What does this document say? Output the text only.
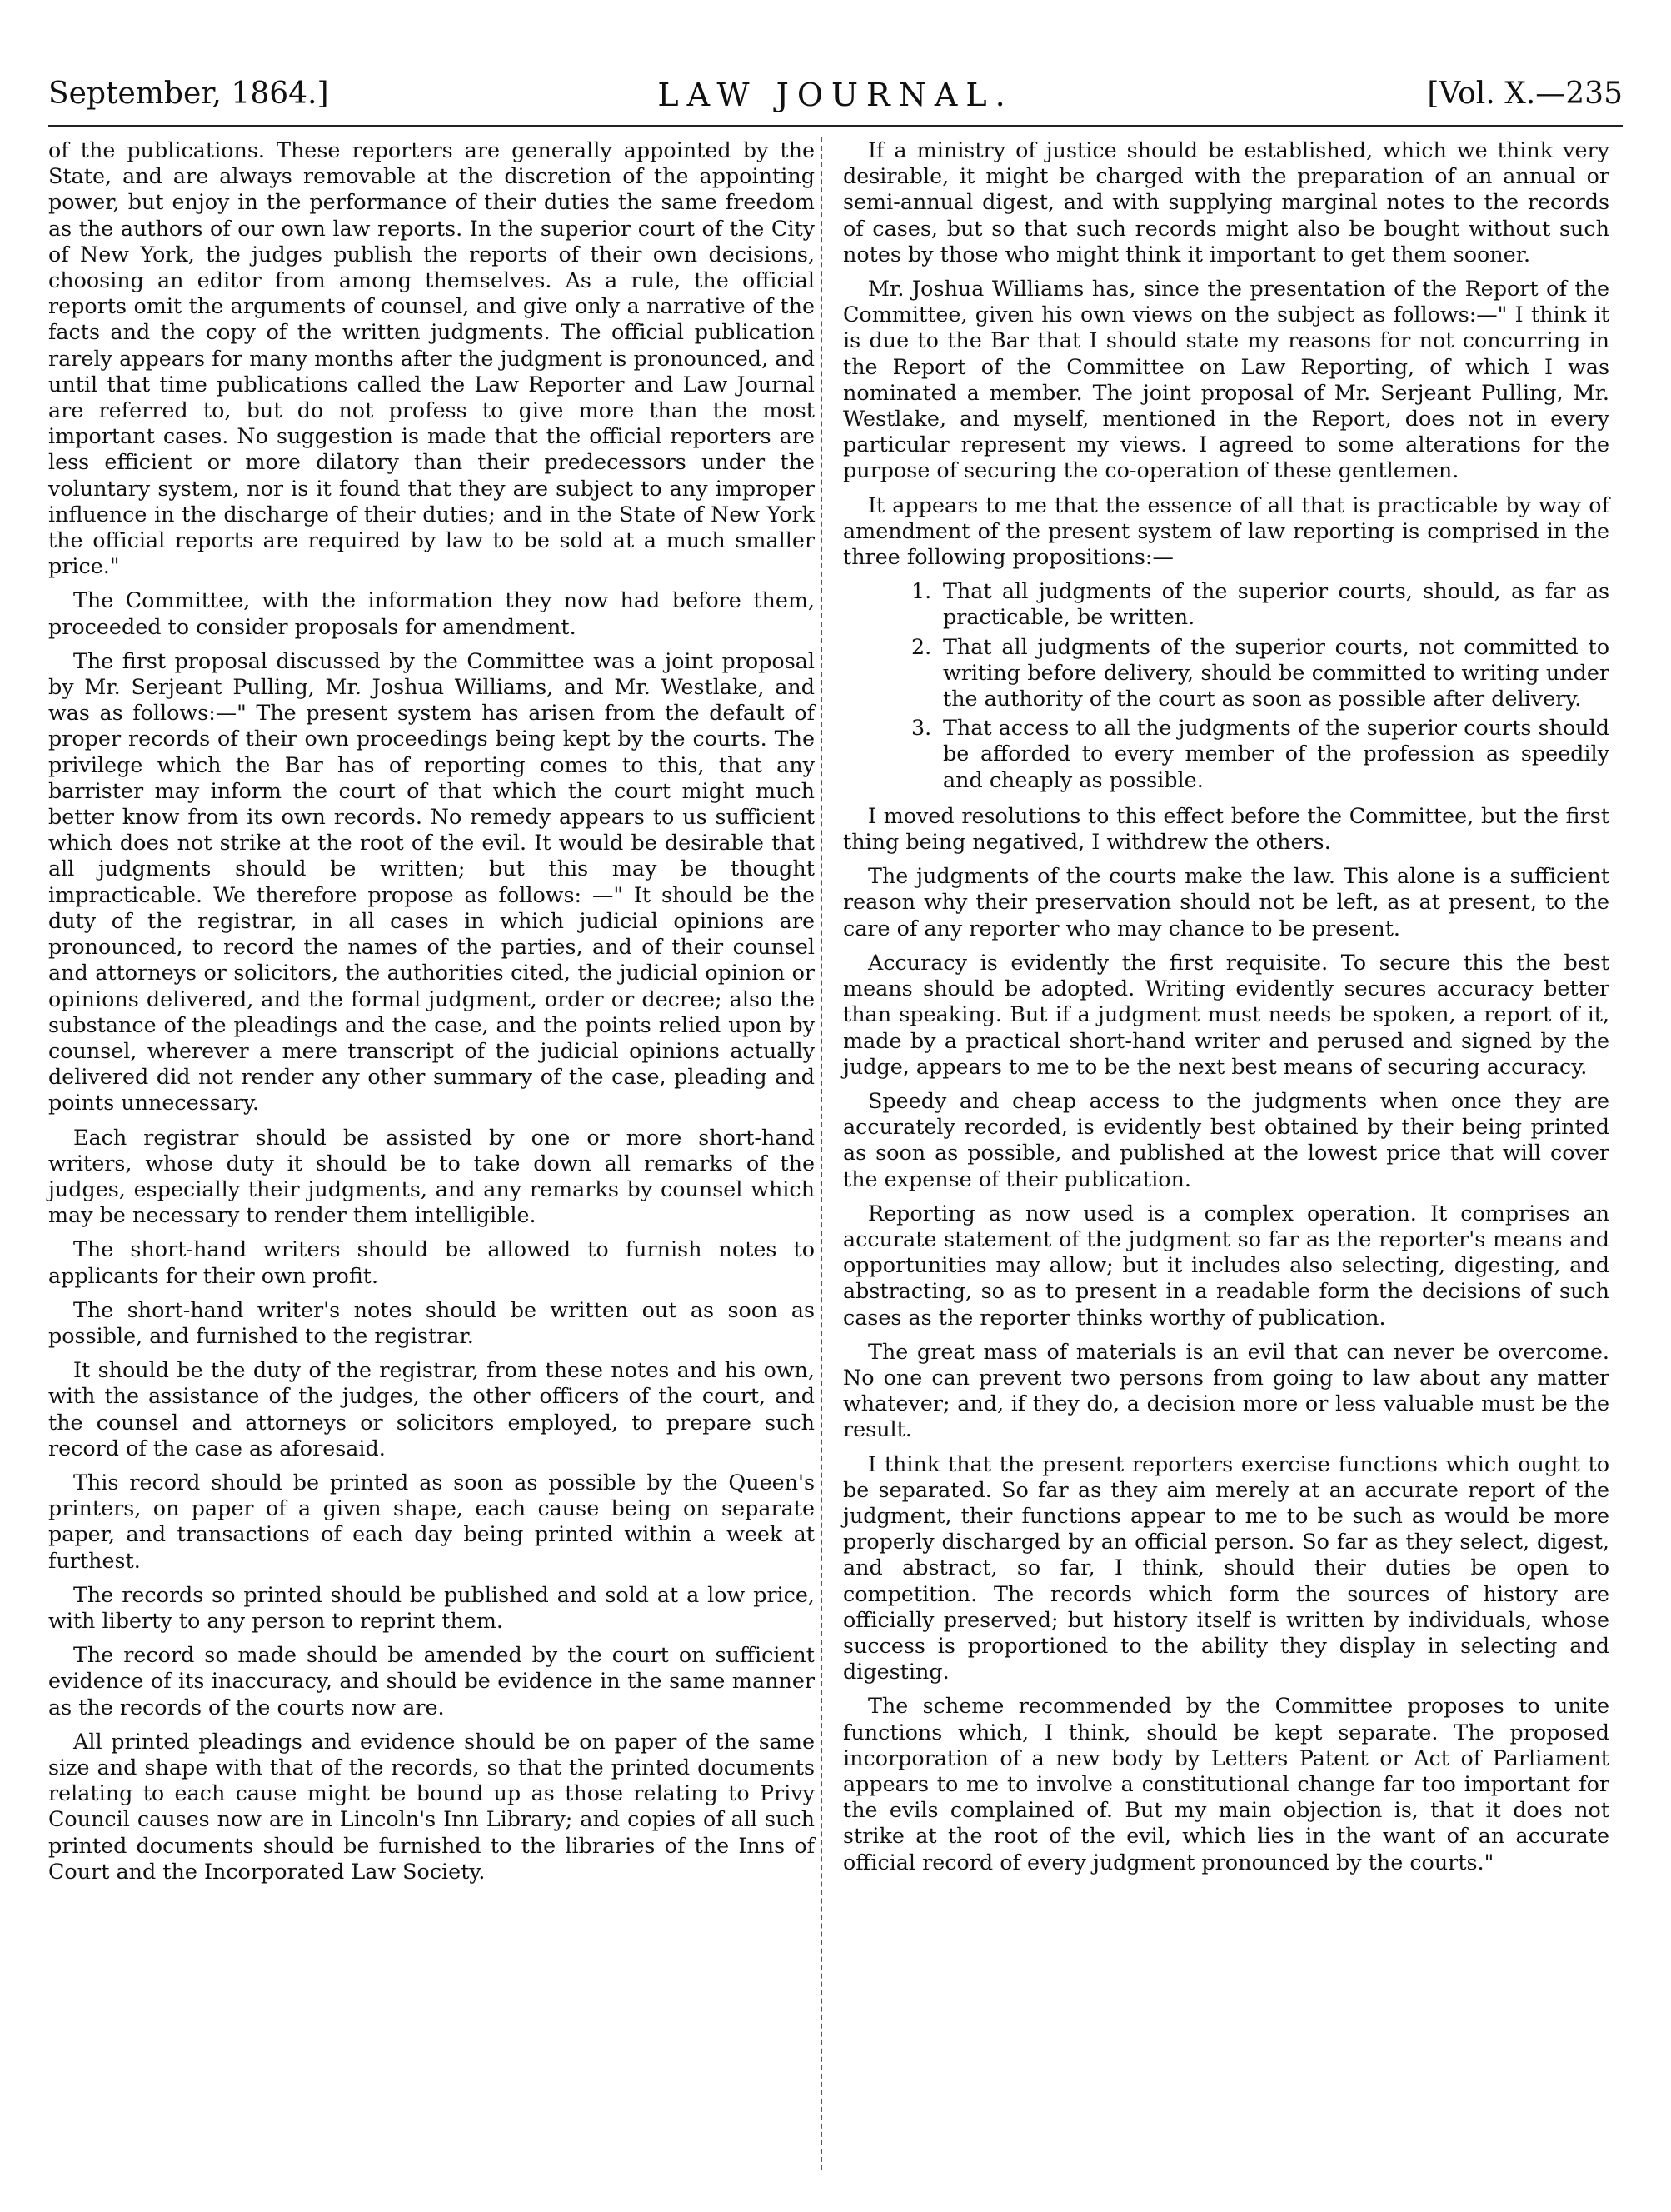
September, 1864.]	LAW JOURNAL.	[Vol. X.—235

of the publications. These reporters are generally appointed by the State, and are always removable at the discretion of the appointing power, but enjoy in the performance of their duties the same freedom as the authors of our own law reports. In the superior court of the City of New York, the judges publish the reports of their own decisions, choosing an editor from among themselves. As a rule, the official reports omit the arguments of counsel, and give only a narrative of the facts and the copy of the written judgments. The official publication rarely appears for many months after the judgment is pronounced, and until that time publications called the Law Reporter and Law Journal are referred to, but do not profess to give more than the most important cases. No suggestion is made that the official reporters are less efficient or more dilatory than their predecessors under the voluntary system, nor is it found that they are subject to any improper influence in the discharge of their duties; and in the State of New York the official reports are required by law to be sold at a much smaller price."

The Committee, with the information they now had before them, proceeded to consider proposals for amendment.

The first proposal discussed by the Committee was a joint proposal by Mr. Serjeant Pulling, Mr. Joshua Williams, and Mr. Westlake, and was as follows:—" The present system has arisen from the default of proper records of their own proceedings being kept by the courts. The privilege which the Bar has of reporting comes to this, that any barrister may inform the court of that which the court might much better know from its own records. No remedy appears to us sufficient which does not strike at the root of the evil. It would be desirable that all judgments should be written; but this may be thought impracticable. We therefore propose as follows: —" It should be the duty of the registrar, in all cases in which judicial opinions are pronounced, to record the names of the parties, and of their counsel and attorneys or solicitors, the authorities cited, the judicial opinion or opinions delivered, and the formal judgment, order or decree; also the substance of the pleadings and the case, and the points relied upon by counsel, wherever a mere transcript of the judicial opinions actually delivered did not render any other summary of the case, pleading and points unnecessary.

Each registrar should be assisted by one or more short-hand writers, whose duty it should be to take down all remarks of the judges, especially their judgments, and any remarks by counsel which may be necessary to render them intelligible.

The short-hand writers should be allowed to furnish notes to applicants for their own profit.

The short-hand writer's notes should be written out as soon as possible, and furnished to the registrar.

It should be the duty of the registrar, from these notes and his own, with the assistance of the judges, the other officers of the court, and the counsel and attorneys or solicitors employed, to prepare such record of the case as aforesaid.

This record should be printed as soon as possible by the Queen's printers, on paper of a given shape, each cause being on separate paper, and transactions of each day being printed within a week at furthest.

The records so printed should be published and sold at a low price, with liberty to any person to reprint them.

The record so made should be amended by the court on sufficient evidence of its inaccuracy, and should be evidence in the same manner as the records of the courts now are.

All printed pleadings and evidence should be on paper of the same size and shape with that of the records, so that the printed documents relating to each cause might be bound up as those relating to Privy Council causes now are in Lincoln's Inn Library; and copies of all such printed documents should be furnished to the libraries of the Inns of Court and the Incorporated Law Society.

If a ministry of justice should be established, which we think very desirable, it might be charged with the preparation of an annual or semi-annual digest, and with supplying marginal notes to the records of cases, but so that such records might also be bought without such notes by those who might think it important to get them sooner.

Mr. Joshua Williams has, since the presentation of the Report of the Committee, given his own views on the subject as follows:—" I think it is due to the Bar that I should state my reasons for not concurring in the Report of the Committee on Law Reporting, of which I was nominated a member. The joint proposal of Mr. Serjeant Pulling, Mr. Westlake, and myself, mentioned in the Report, does not in every particular represent my views. I agreed to some alterations for the purpose of securing the co-operation of these gentlemen.

It appears to me that the essence of all that is practicable by way of amendment of the present system of law reporting is comprised in the three following propositions:—

1. That all judgments of the superior courts, should, as far as practicable, be written.
2. That all judgments of the superior courts, not committed to writing before delivery, should be committed to writing under the authority of the court as soon as possible after delivery.
3. That access to all the judgments of the superior courts should be afforded to every member of the profession as speedily and cheaply as possible.

I moved resolutions to this effect before the Committee, but the first thing being negatived, I withdrew the others.

The judgments of the courts make the law. This alone is a sufficient reason why their preservation should not be left, as at present, to the care of any reporter who may chance to be present.

Accuracy is evidently the first requisite. To secure this the best means should be adopted. Writing evidently secures accuracy better than speaking. But if a judgment must needs be spoken, a report of it, made by a practical short-hand writer and perused and signed by the judge, appears to me to be the next best means of securing accuracy.

Speedy and cheap access to the judgments when once they are accurately recorded, is evidently best obtained by their being printed as soon as possible, and published at the lowest price that will cover the expense of their publication.

Reporting as now used is a complex operation. It comprises an accurate statement of the judgment so far as the reporter's means and opportunities may allow; but it includes also selecting, digesting, and abstracting, so as to present in a readable form the decisions of such cases as the reporter thinks worthy of publication.

The great mass of materials is an evil that can never be overcome. No one can prevent two persons from going to law about any matter whatever; and, if they do, a decision more or less valuable must be the result.

I think that the present reporters exercise functions which ought to be separated. So far as they aim merely at an accurate report of the judgment, their functions appear to me to be such as would be more properly discharged by an official person. So far as they select, digest, and abstract, so far, I think, should their duties be open to competition. The records which form the sources of history are officially preserved; but history itself is written by individuals, whose success is proportioned to the ability they display in selecting and digesting.

The scheme recommended by the Committee proposes to unite functions which, I think, should be kept separate. The proposed incorporation of a new body by Letters Patent or Act of Parliament appears to me to involve a constitutional change far too important for the evils complained of. But my main objection is, that it does not strike at the root of the evil, which lies in the want of an accurate official record of every judgment pronounced by the courts."
